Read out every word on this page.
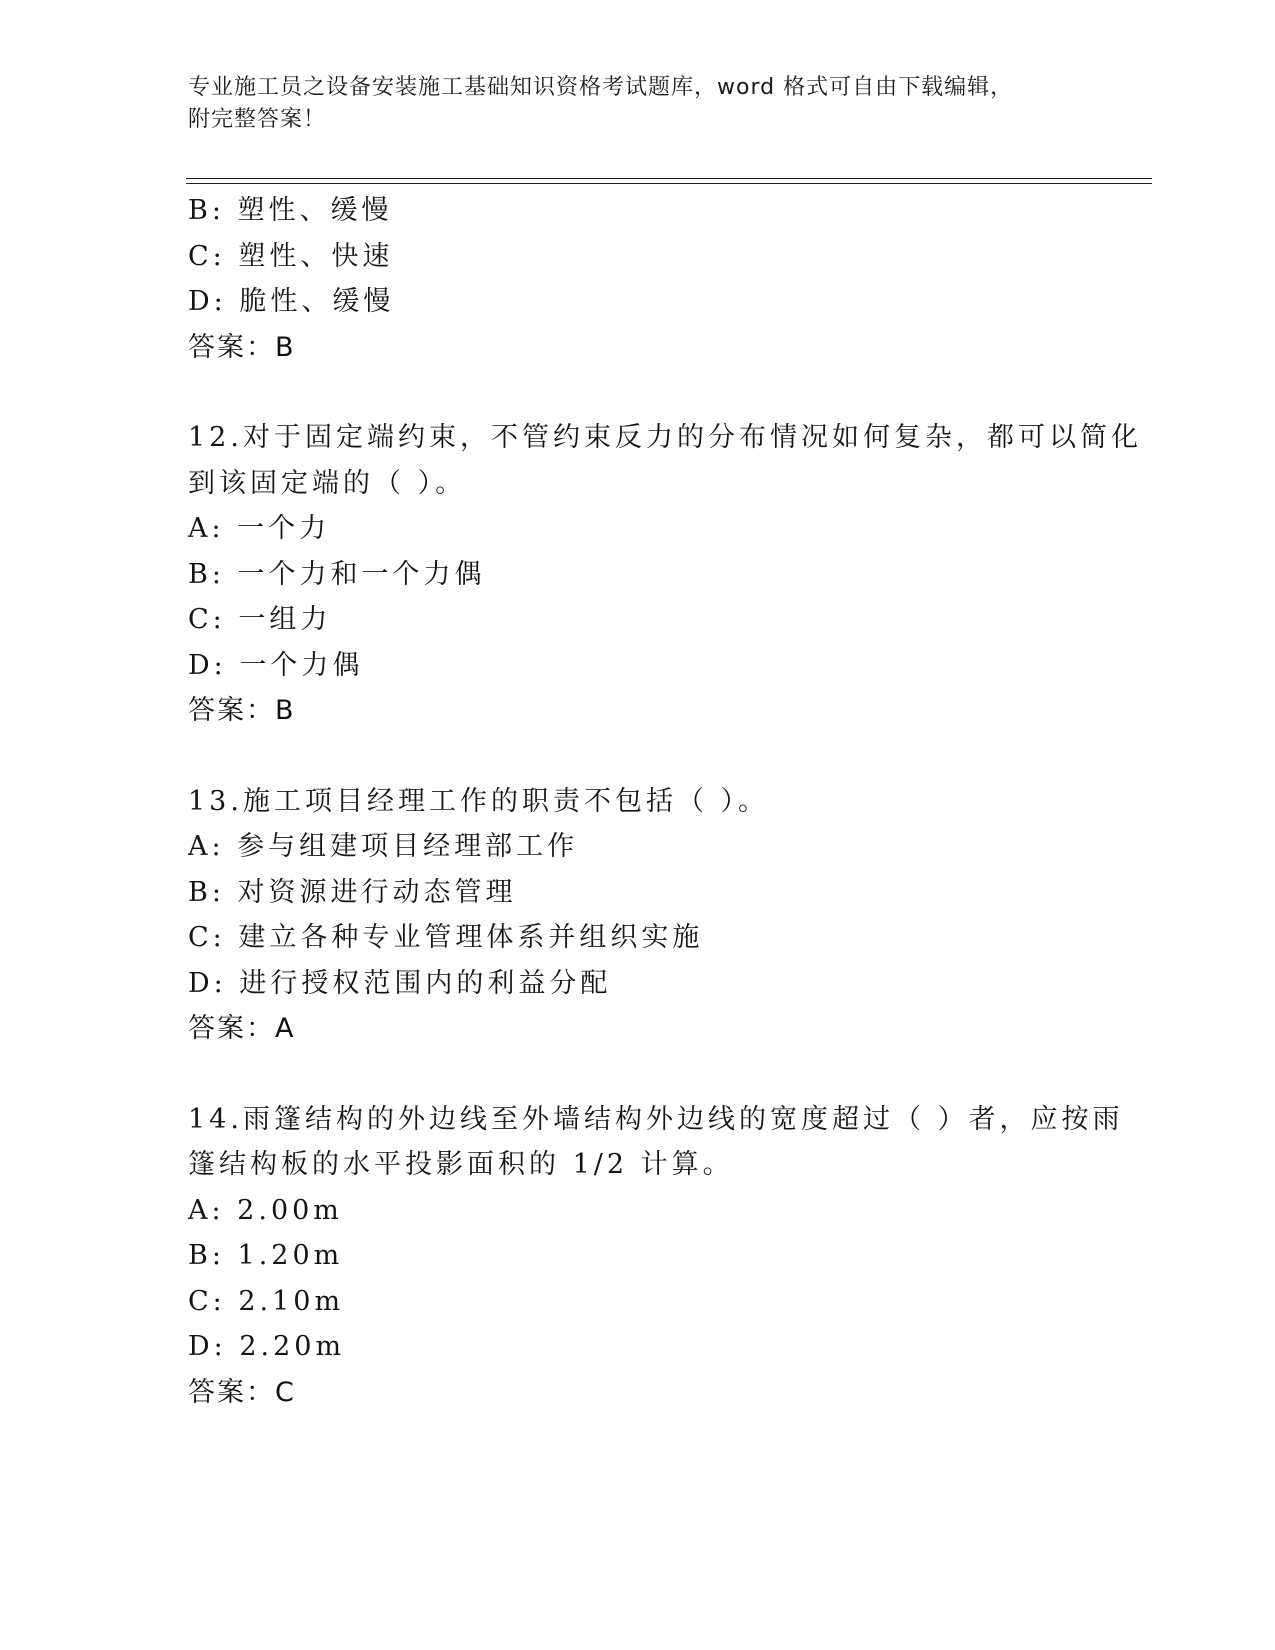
专业施工员之设备安装施工基础知识资格考试题库，word 格式可自由下载编辑，
附完整答案！
B: 塑性、缓慢
C: 塑性、快速
D: 脆性、缓慢
答案：B
12.对于固定端约束，不管约束反力的分布情况如何复杂，都可以简化
到该固定端的（ ）。
A: 一个力
B: 一个力和一个力偶
C: 一组力
D: 一个力偶
答案：B
13.施工项目经理工作的职责不包括（ ）。
A: 参与组建项目经理部工作
B: 对资源进行动态管理
C: 建立各种专业管理体系并组织实施
D: 进行授权范围内的利益分配
答案：A
14.雨篷结构的外边线至外墙结构外边线的宽度超过（ ）者，应按雨
篷结构板的水平投影面积的 1/2 计算。
A: 2.00m
B: 1.20m
C: 2.10m
D: 2.20m
答案：C
